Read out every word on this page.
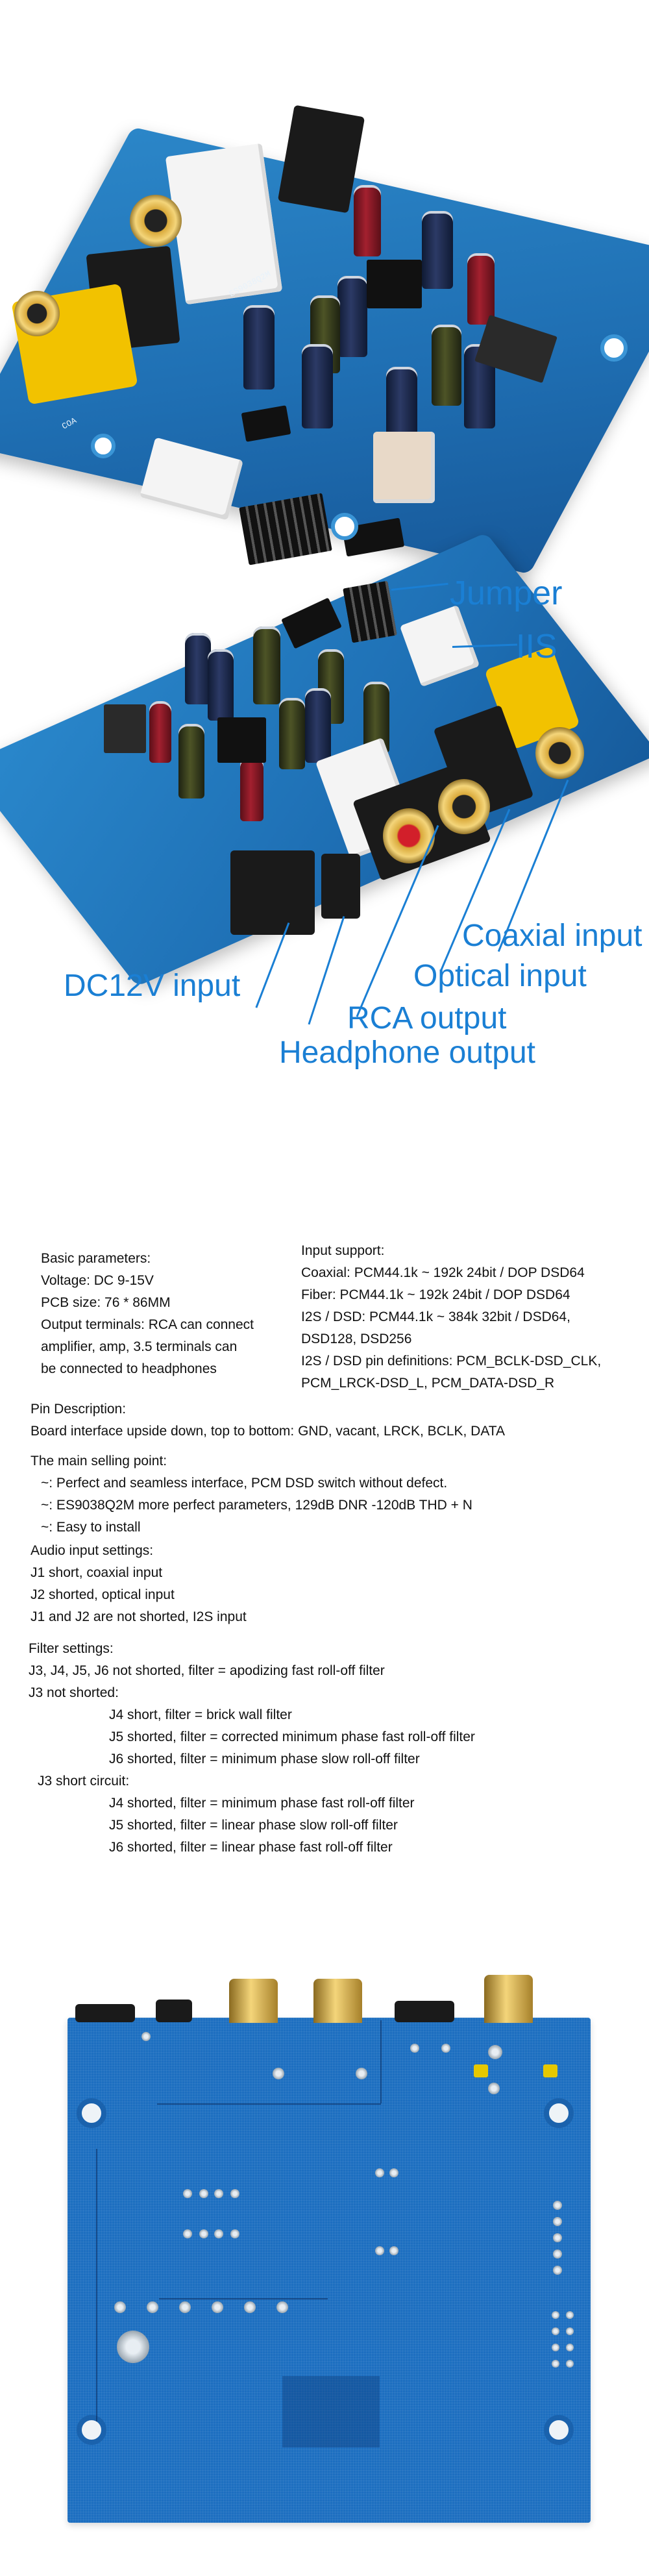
ES9038Q2M
COA
Jumper
IIS
Coaxial input
Optical input
DC12V input
RCA output
Headphone output

Basic parameters:

Voltage: DC 9-15V

PCB size: 76 * 86MM

Output terminals: RCA can connect

amplifier, amp, 3.5 terminals can

be connected to headphones

Input support:

Coaxial: PCM44.1k ~ 192k 24bit / DOP DSD64

Fiber: PCM44.1k ~ 192k 24bit / DOP DSD64

I2S / DSD: PCM44.1k ~ 384k 32bit / DSD64,

DSD128, DSD256

I2S / DSD pin definitions: PCM_BCLK-DSD_CLK,

PCM_LRCK-DSD_L, PCM_DATA-DSD_R

Pin Description:

Board interface upside down, top to bottom: GND, vacant, LRCK, BCLK, DATA

The main selling point:

~: Perfect and seamless interface, PCM DSD switch without defect.

~: ES9038Q2M more perfect parameters, 129dB DNR -120dB THD + N

~: Easy to install

Audio input settings:

J1 short, coaxial input

J2 shorted, optical input

J1 and J2 are not shorted, I2S input

Filter settings:

J3, J4, J5, J6 not shorted, filter = apodizing fast roll-off filter

J3 not shorted:

J4 short, filter = brick wall filter

J5 shorted, filter = corrected minimum phase fast roll-off filter

J6 shorted, filter = minimum phase slow roll-off filter

J3 short circuit:

J4 shorted, filter = minimum phase fast roll-off filter

J5 shorted, filter = linear phase slow roll-off filter

J6 shorted, filter = linear phase fast roll-off filter
